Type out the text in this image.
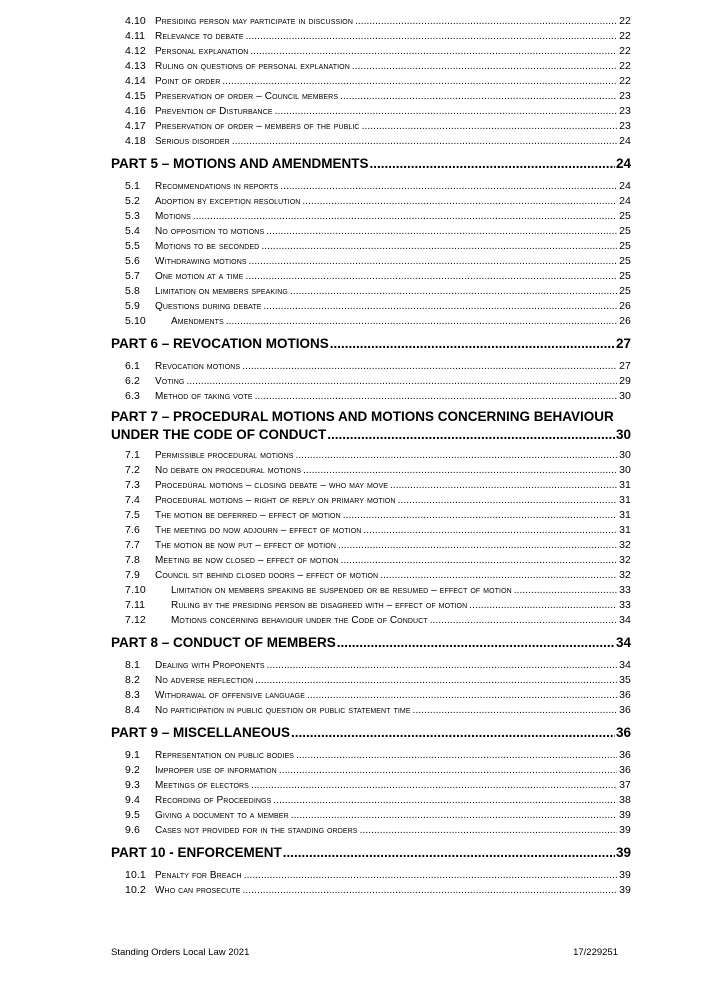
4.10 Presiding person may participate in discussion .....	22
4.11 Relevance to debate .....	22
4.12 Personal explanation .....	22
4.13 Ruling on questions of personal explanation .....	22
4.14 Point of order .....	22
4.15 Preservation of order – Council members .....	23
4.16 Prevention of Disturbance .....	23
4.17 Preservation of order – members of the public .....	23
4.18 Serious disorder .....	24
PART 5 – MOTIONS AND AMENDMENTS .....	24
5.1	Recommendations in reports .....	24
5.2	Adoption by exception resolution .....	24
5.3	Motions .....	25
5.4	No opposition to motions .....	25
5.5	Motions to be seconded .....	25
5.6	Withdrawing motions .....	25
5.7	One motion at a time .....	25
5.8	Limitation on members speaking .....	25
5.9	Questions during debate .....	26
5.10	Amendments .....	26
PART 6 – REVOCATION MOTIONS .....	27
6.1	Revocation motions .....	27
6.2	Voting .....	29
6.3	Method of taking vote .....	30
PART 7 – PROCEDURAL MOTIONS AND MOTIONS CONCERNING BEHAVIOUR
UNDER THE CODE OF CONDUCT .....	30
7.1	Permissible procedural motions .....	30
7.2	No debate on procedural motions .....	30
7.3	Procedural motions – closing debate – who may move .....	31
7.4	Procedural motions – right of reply on primary motion .....	31
7.5	The motion be deferred – effect of motion .....	31
7.6	The meeting do now adjourn – effect of motion .....	31
7.7	The motion be now put – effect of motion .....	32
7.8	Meeting be now closed – effect of motion .....	32
7.9	Council sit behind closed doors – effect of motion .....	32
7.10	Limitation on members speaking be suspended or be resumed – effect of motion .....	33
7.11	Ruling by the presiding person be disagreed with – effect of motion .....	33
7.12	Motions concerning behaviour under the Code of Conduct .....	34
PART 8 – CONDUCT OF MEMBERS .....	34
8.1	Dealing with Proponents .....	34
8.2	No adverse reflection .....	35
8.3	Withdrawal of offensive language .....	36
8.4	No participation in public question or public statement time .....	36
PART 9 – MISCELLANEOUS .....	36
9.1	Representation on public bodies .....	36
9.2	Improper use of information .....	36
9.3	Meetings of electors .....	37
9.4	Recording of Proceedings .....	38
9.5	Giving a document to a member .....	39
9.6	Cases not provided for in the standing orders .....	39
PART 10 - ENFORCEMENT .....	39
10.1 Penalty for Breach .....	39
10.2 Who can prosecute .....	39
Standing Orders Local Law 2021	17/229251
